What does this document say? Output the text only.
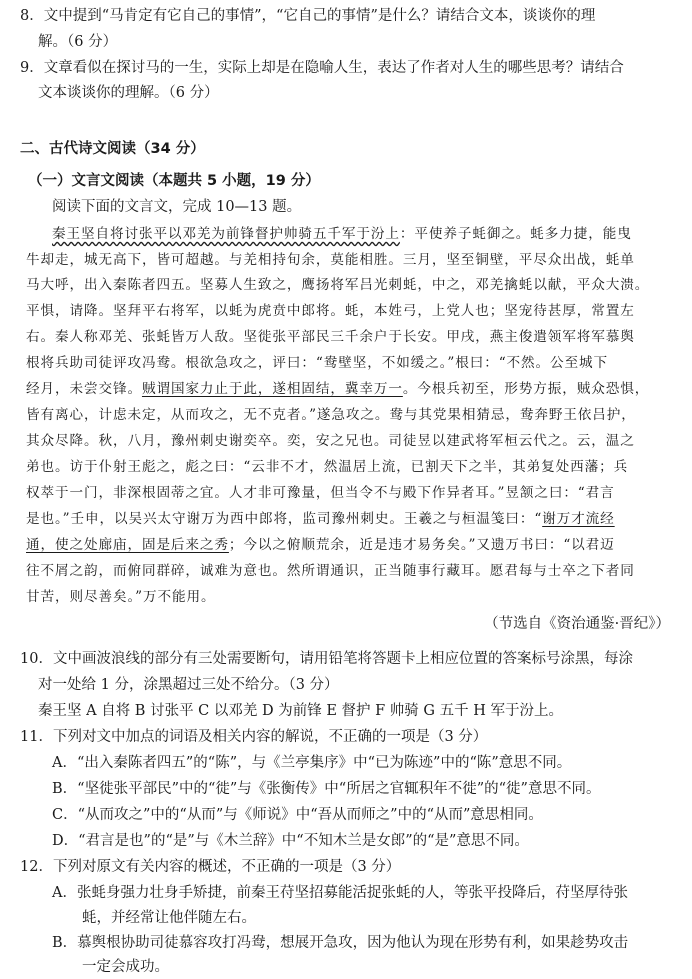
8．文中提到“马肯定有它自己的事情”，“它自己的事情”是什么？请结合文本，谈谈你的理
解。（6 分）
9．文章看似在探讨马的一生，实际上却是在隐喻人生，表达了作者对人生的哪些思考？请结合
文本谈谈你的理解。（6 分）
二、古代诗文阅读（34 分）
（一）文言文阅读（本题共 5 小题，19 分）
阅读下面的文言文，完成 10—13 题。
秦王坚自将讨张平以邓羌为前锋督护帅骑五千军于汾上：平使养子蚝御之。蚝多力捷，能曳
牛却走，城无高下，皆可超越。与羌相持旬余，莫能相胜。三月，坚至铜壁，平尽众出战，蚝单
马大呼，出入秦陈者四五。坚募人生致之，鹰扬将军吕光刺蚝，中之，邓羌擒蚝以献，平众大溃。
平惧，请降。坚拜平右将军，以蚝为虎贲中郎将。蚝，本姓弓，上党人也；坚宠待甚厚，常置左
右。秦人称邓羌、张蚝皆万人敌。坚徙张平部民三千余户于长安。甲戌，燕主俊遣领军将军慕舆
根将兵助司徒评攻冯鸯。根欲急攻之，评曰：“鸯壁坚，不如缓之。”根曰：“不然。公至城下
经月，未尝交锋。贼谓国家力止于此，遂相固结，冀幸万一。今根兵初至，形势方振，贼众恐惧，
皆有离心，计虑未定，从而攻之，无不克者。”遂急攻之。鸯与其党果相猜忌，鸯奔野王依吕护，
其众尽降。秋，八月，豫州刺史谢奕卒。奕，安之兄也。司徒昱以建武将军桓云代之。云，温之
弟也。访于仆射王彪之，彪之曰：“云非不才，然温居上流，已割天下之半，其弟复处西藩；兵
权萃于一门，非深根固蒂之宜。人才非可豫量，但当令不与殿下作异者耳。”昱颔之曰：“君言
是也。”壬申，以吴兴太守谢万为西中郎将，监司豫州刺史。王羲之与桓温笺曰：“谢万才流经
通，使之处廊庙，固是后来之秀；今以之俯顺荒余，近是违才易务矣。”又遗万书曰：“以君迈
往不屑之韵，而俯同群碎，诚难为意也。然所谓通识，正当随事行藏耳。愿君每与士卒之下者同
甘苦，则尽善矣。”万不能用。
（节选自《资治通鉴·晋纪》）
10．文中画波浪线的部分有三处需要断句，请用铅笔将答题卡上相应位置的答案标号涂黑，每涂
对一处给 1 分，涂黑超过三处不给分。（3 分）
秦王坚 A 自将 B 讨张平 C 以邓羌 D 为前锋 E 督护 F 帅骑 G 五千 H 军于汾上。
11．下列对文中加点的词语及相关内容的解说，不正确的一项是（3 分）
A．“出入秦陈者四五”的“陈”，与《兰亭集序》中“已为陈迹”中的“陈”意思不同。
B．“坚徙张平部民”中的“徙”与《张衡传》中“所居之官辄积年不徙”的“徙”意思不同。
C．“从而攻之”中的“从而”与《师说》中“吾从而师之”中的“从而”意思相同。
D．“君言是也”的“是”与《木兰辞》中“不知木兰是女郎”的“是”意思不同。
12．下列对原文有关内容的概述，不正确的一项是（3 分）
A．张蚝身强力壮身手矫捷，前秦王苻坚招募能活捉张蚝的人，等张平投降后，苻坚厚待张
蚝，并经常让他伴随左右。
B．慕舆根协助司徒慕容攻打冯鸯，想展开急攻，因为他认为现在形势有利，如果趁势攻击
一定会成功。
